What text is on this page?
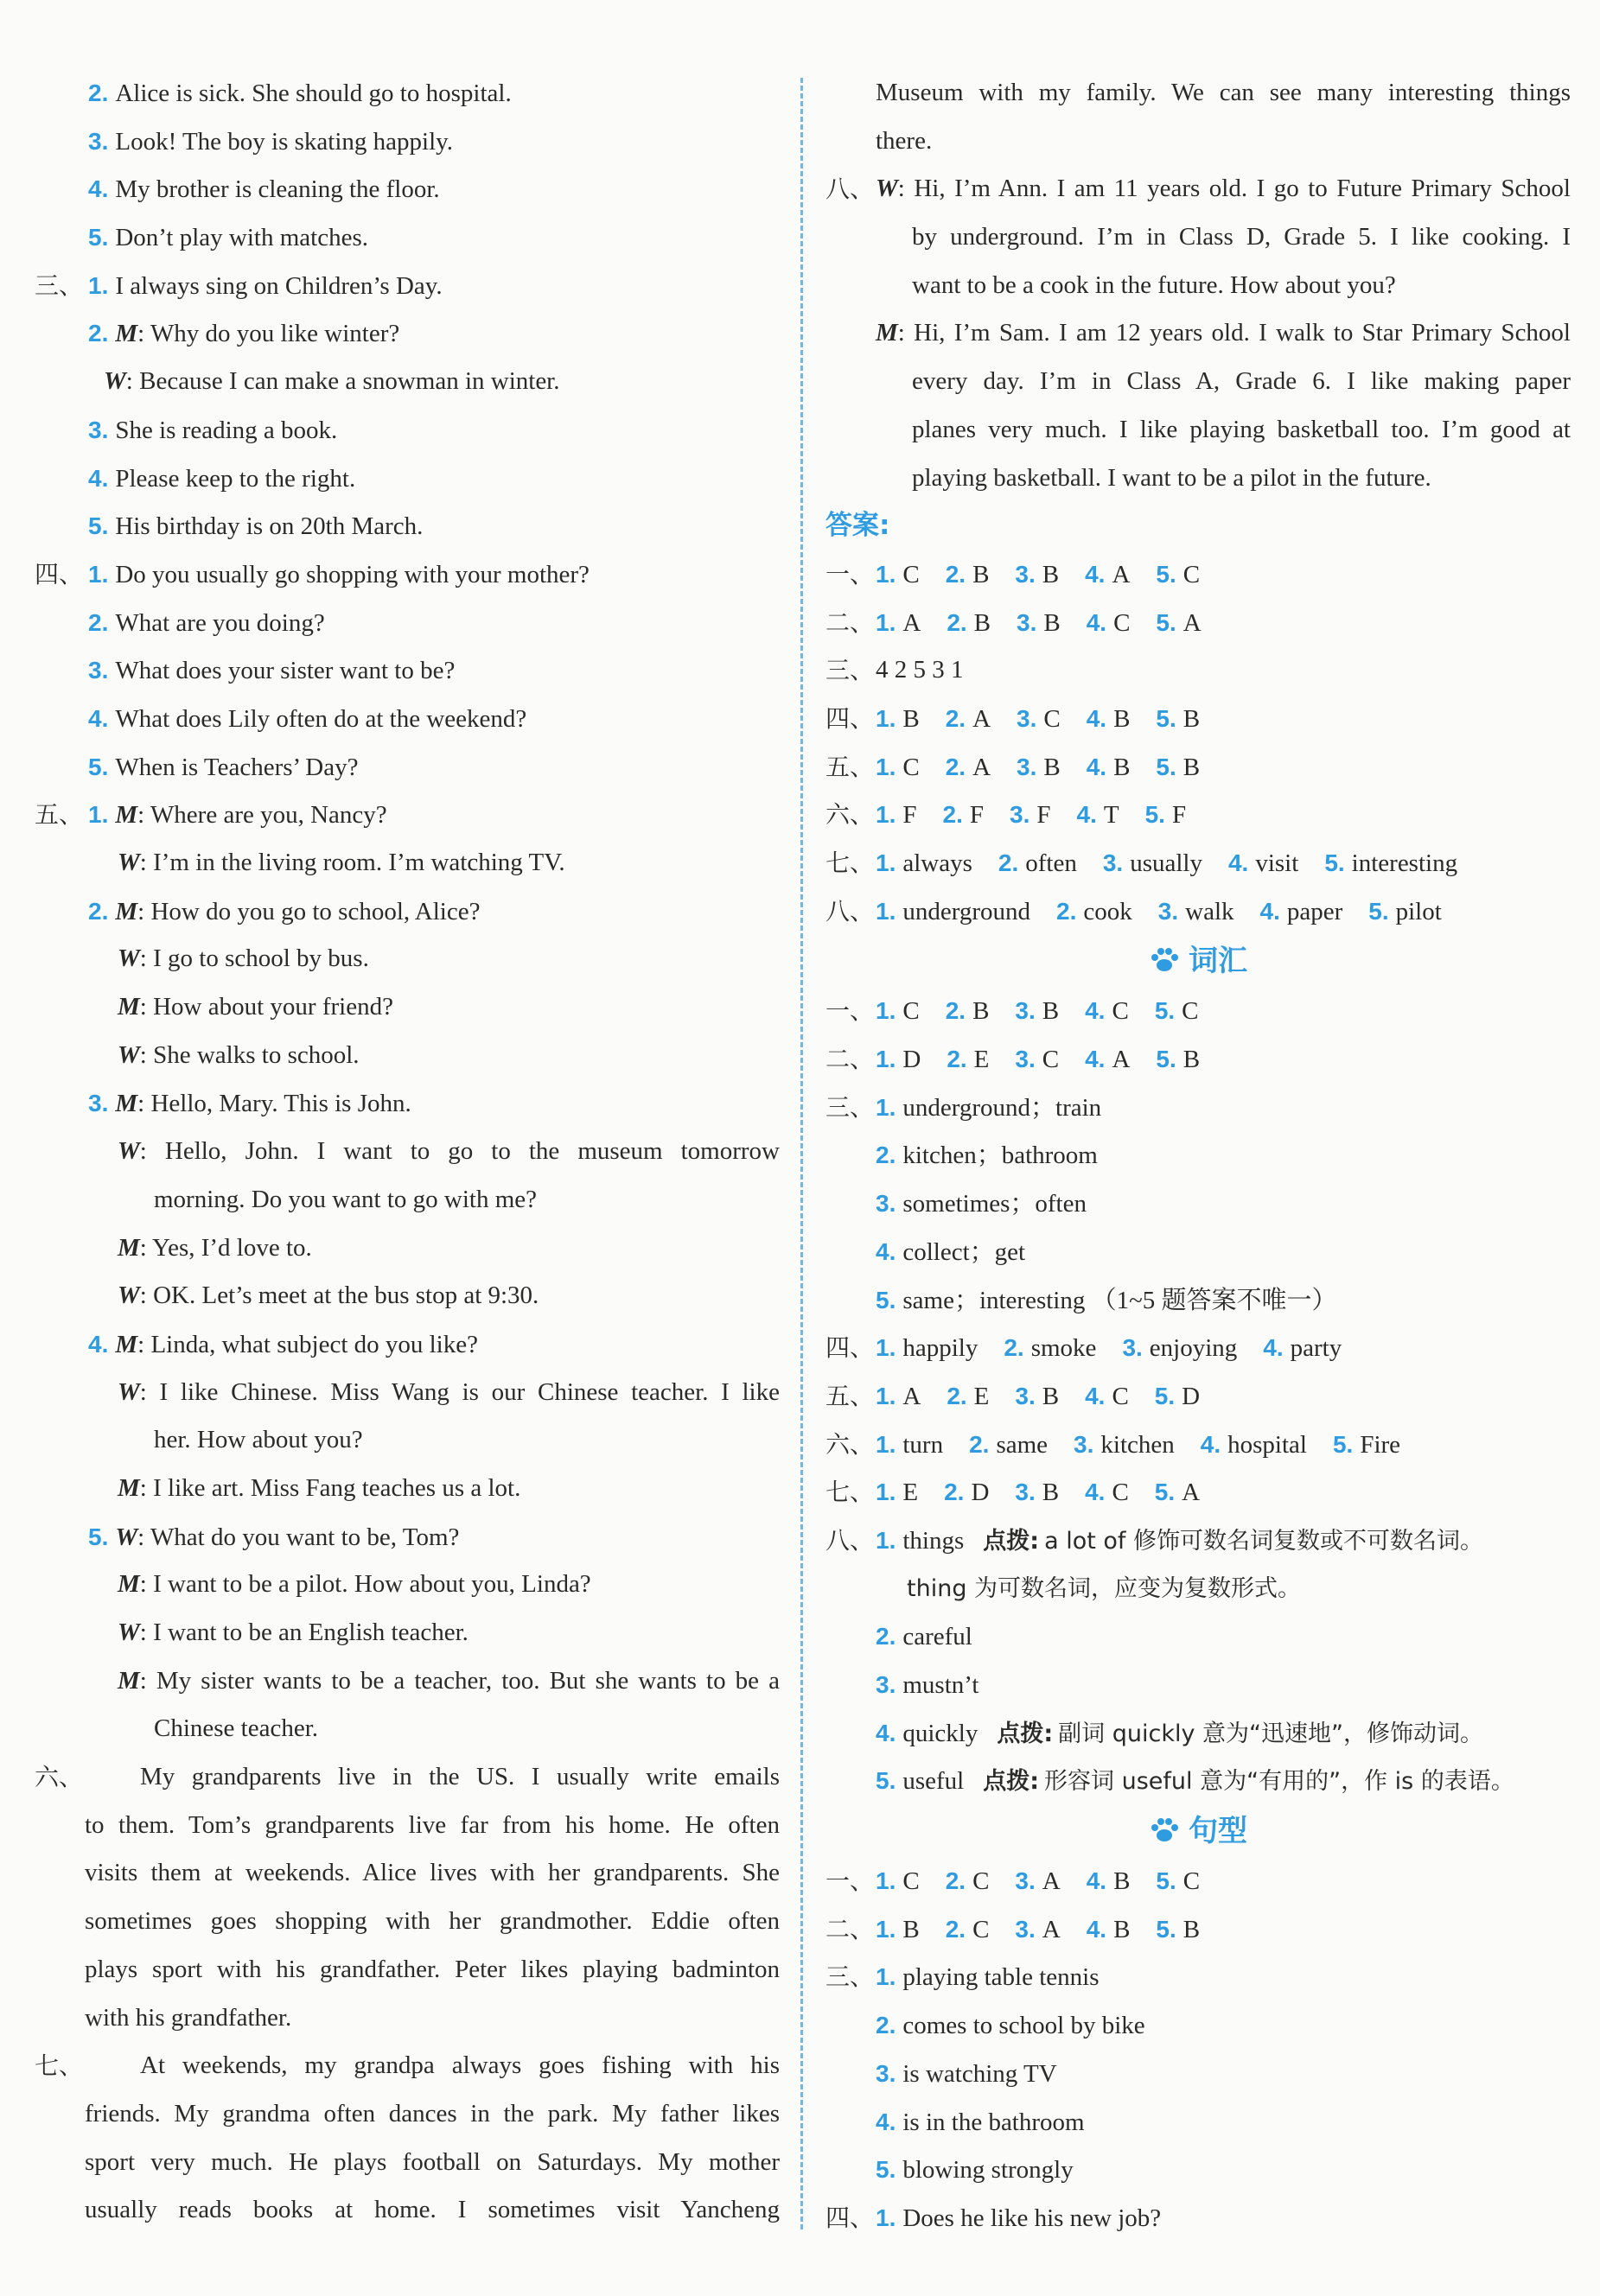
2. Alice is sick. She should go to hospital.
3. Look! The boy is skating happily.
4. My brother is cleaning the floor.
5. Don’t play with matches.
三、 1. I always sing on Children’s Day.
2. M: Why do you like winter?
W: Because I can make a snowman in winter.
3. She is reading a book.
4. Please keep to the right.
5. His birthday is on 20th March.
四、 1. Do you usually go shopping with your mother?
2. What are you doing?
3. What does your sister want to be?
4. What does Lily often do at the weekend?
5. When is Teachers’ Day?
五、 1. M: Where are you, Nancy?
W: I’m in the living room. I’m watching TV.
2. M: How do you go to school, Alice?
W: I go to school by bus.
M: How about your friend?
W: She walks to school.
3. M: Hello, Mary. This is John.
W: Hello, John. I want to go to the museum tomorrow
morning. Do you want to go with me?
M: Yes, I’d love to.
W: OK. Let’s meet at the bus stop at 9:30.
4. M: Linda, what subject do you like?
W: I like Chinese. Miss Wang is our Chinese teacher. I like
her. How about you?
M: I like art. Miss Fang teaches us a lot.
5. W: What do you want to be, Tom?
M: I want to be a pilot. How about you, Linda?
W: I want to be an English teacher.
M: My sister wants to be a teacher, too. But she wants to be a
Chinese teacher.
六、 My grandparents live in the US. I usually write emails
to them. Tom’s grandparents live far from his home. He often
visits them at weekends. Alice lives with her grandparents. She
sometimes goes shopping with her grandmother. Eddie often
plays sport with his grandfather. Peter likes playing badminton
with his grandfather.
七、 At weekends, my grandpa always goes fishing with his
friends. My grandma often dances in the park. My father likes
sport very much. He plays football on Saturdays. My mother
usually reads books at home. I sometimes visit Yancheng
Museum with my family. We can see many interesting things
there.
八、 W: Hi, I’m Ann. I am 11 years old. I go to Future Primary School
by underground. I’m in Class D, Grade 5. I like cooking. I
want to be a cook in the future. How about you?
M: Hi, I’m Sam. I am 12 years old. I walk to Star Primary School
every day. I’m in Class A, Grade 6. I like making paper
planes very much. I like playing basketball too. I’m good at
playing basketball. I want to be a pilot in the future.
答案:
一、 1. C 2. B 3. B 4. A 5. C
二、 1. A 2. B 3. B 4. C 5. A
三、 4 2 5 3 1
四、 1. B 2. A 3. C 4. B 5. B
五、 1. C 2. A 3. B 4. B 5. B
六、 1. F 2. F 3. F 4. T 5. F
七、 1. always 2. often 3. usually 4. visit 5. interesting
八、 1. underground 2. cook 3. walk 4. paper 5. pilot
词汇
一、 1. C 2. B 3. B 4. C 5. C
二、 1. D 2. E 3. C 4. A 5. B
三、 1. underground；train
2. kitchen；bathroom
3. sometimes；often
4. collect；get
5. same；interesting （1~5 题答案不唯一）
四、 1. happily 2. smoke 3. enjoying 4. party
五、 1. A 2. E 3. B 4. C 5. D
六、 1. turn 2. same 3. kitchen 4. hospital 5. Fire
七、 1. E 2. D 3. B 4. C 5. A
八、 1. things 点拨: a lot of 修饰可数名词复数或不可数名词。
thing 为可数名词，应变为复数形式。
2. careful
3. mustn’t
4. quickly 点拨: 副词 quickly 意为“迅速地”，修饰动词。
5. useful 点拨: 形容词 useful 意为“有用的”，作 is 的表语。
句型
一、 1. C 2. C 3. A 4. B 5. C
二、 1. B 2. C 3. A 4. B 5. B
三、 1. playing table tennis
2. comes to school by bike
3. is watching TV
4. is in the bathroom
5. blowing strongly
四、 1. Does he like his new job?
